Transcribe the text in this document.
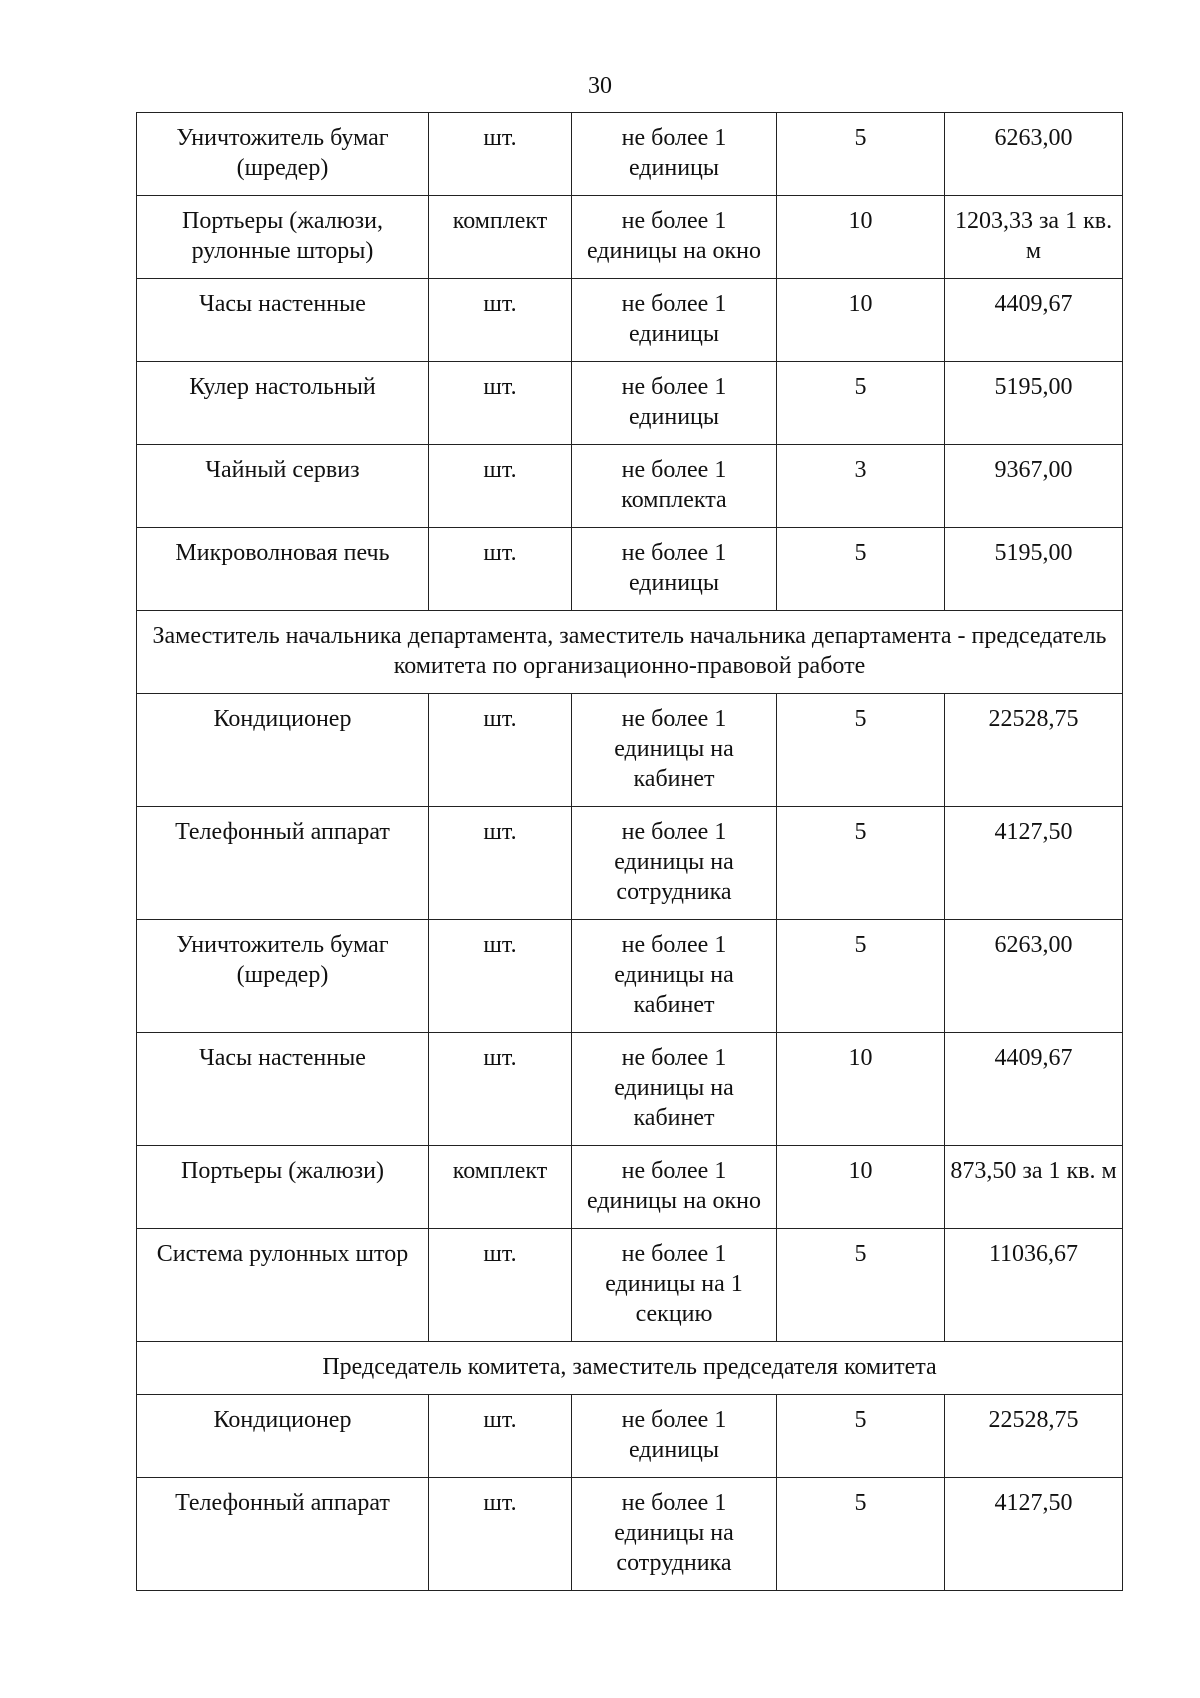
30
Уничтожитель бумаг (шредер)	шт.	не более 1 единицы	5	6263,00
Портьеры (жалюзи, рулонные шторы)	комплект	не более 1 единицы на окно	10	1203,33 за 1 кв. м
Часы настенные	шт.	не более 1 единицы	10	4409,67
Кулер настольный	шт.	не более 1 единицы	5	5195,00
Чайный сервиз	шт.	не более 1 комплекта	3	9367,00
Микроволновая печь	шт.	не более 1 единицы	5	5195,00
Заместитель начальника департамента, заместитель начальника департамента - председатель комитета по организационно-правовой работе				
Кондиционер	шт.	не более 1 единицы на кабинет	5	22528,75
Телефонный аппарат	шт.	не более 1 единицы на сотрудника	5	4127,50
Уничтожитель бумаг (шредер)	шт.	не более 1 единицы на кабинет	5	6263,00
Часы настенные	шт.	не более 1 единицы на кабинет	10	4409,67
Портьеры (жалюзи)	комплект	не более 1 единицы на окно	10	873,50 за 1 кв. м
Система рулонных штор	шт.	не более 1 единицы на 1 секцию	5	11036,67
Председатель комитета, заместитель председателя комитета				
Кондиционер	шт.	не более 1 единицы	5	22528,75
Телефонный аппарат	шт.	не более 1 единицы на сотрудника	5	4127,50
